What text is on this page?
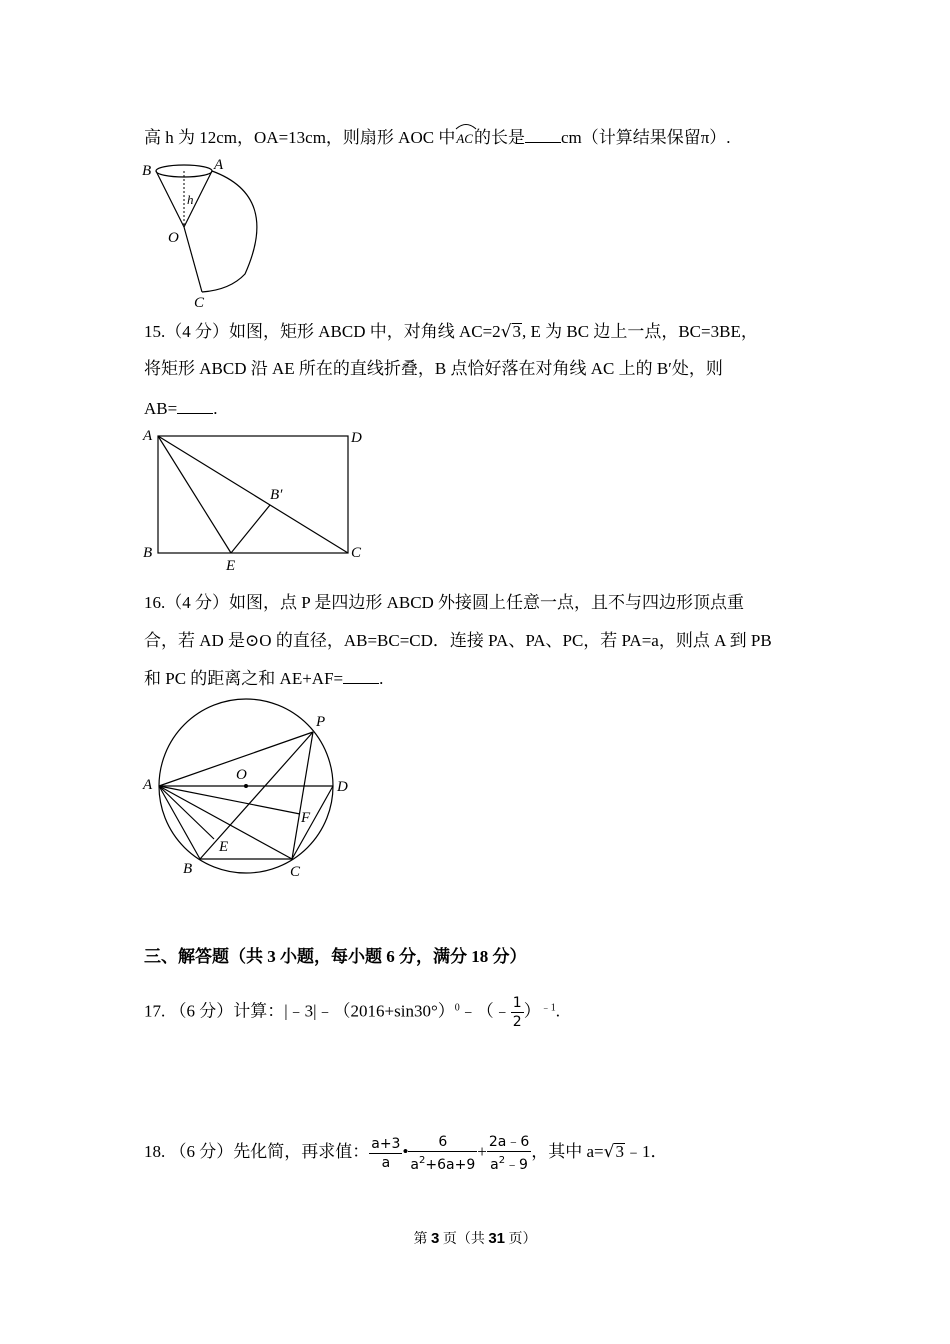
高 h 为 12cm，OA=13cm，则扇形 AOC 中
AC的长是 cm（计算结果保留π）.
B	A
h
O
C
15.（4 分）如图，矩形 ABCD 中，对角线 AC=2√3, E 为 BC 边上一点，BC=3BE，
将矩形 ABCD 沿 AE 所在的直线折叠，B 点恰好落在对角线 AC 上的 B′处，则
AB= .
A	D
B
E
C
B′
16.（4 分）如图，点 P 是四边形 ABCD 外接圆上任意一点，且不与四边形顶点重
合，若 AD 是⊙O 的直径，AB=BC=CD．连接 PA、PA、PC，若 PA=a，则点 A 到 PB
和 PC 的距离之和 AE+AF= .
P
A
O
D
F
E
B	C
三、解答题（共 3 小题，每小题 6 分，满分 18 分）
17. （6 分）计算：$|﹣3|﹣(2016+\sin 30^\circ)^0﹣(﹣ \frac{1}{2} )^{﹣1}$.
18. （6 分）先化简，再求值： $\frac{a+3}{a}$ • $\frac{6}{a^2+6a+9} + \frac{2a﹣6}{a^2﹣9}$ ，其中 a=√3﹣1．
第 3 页（共 31 页）
